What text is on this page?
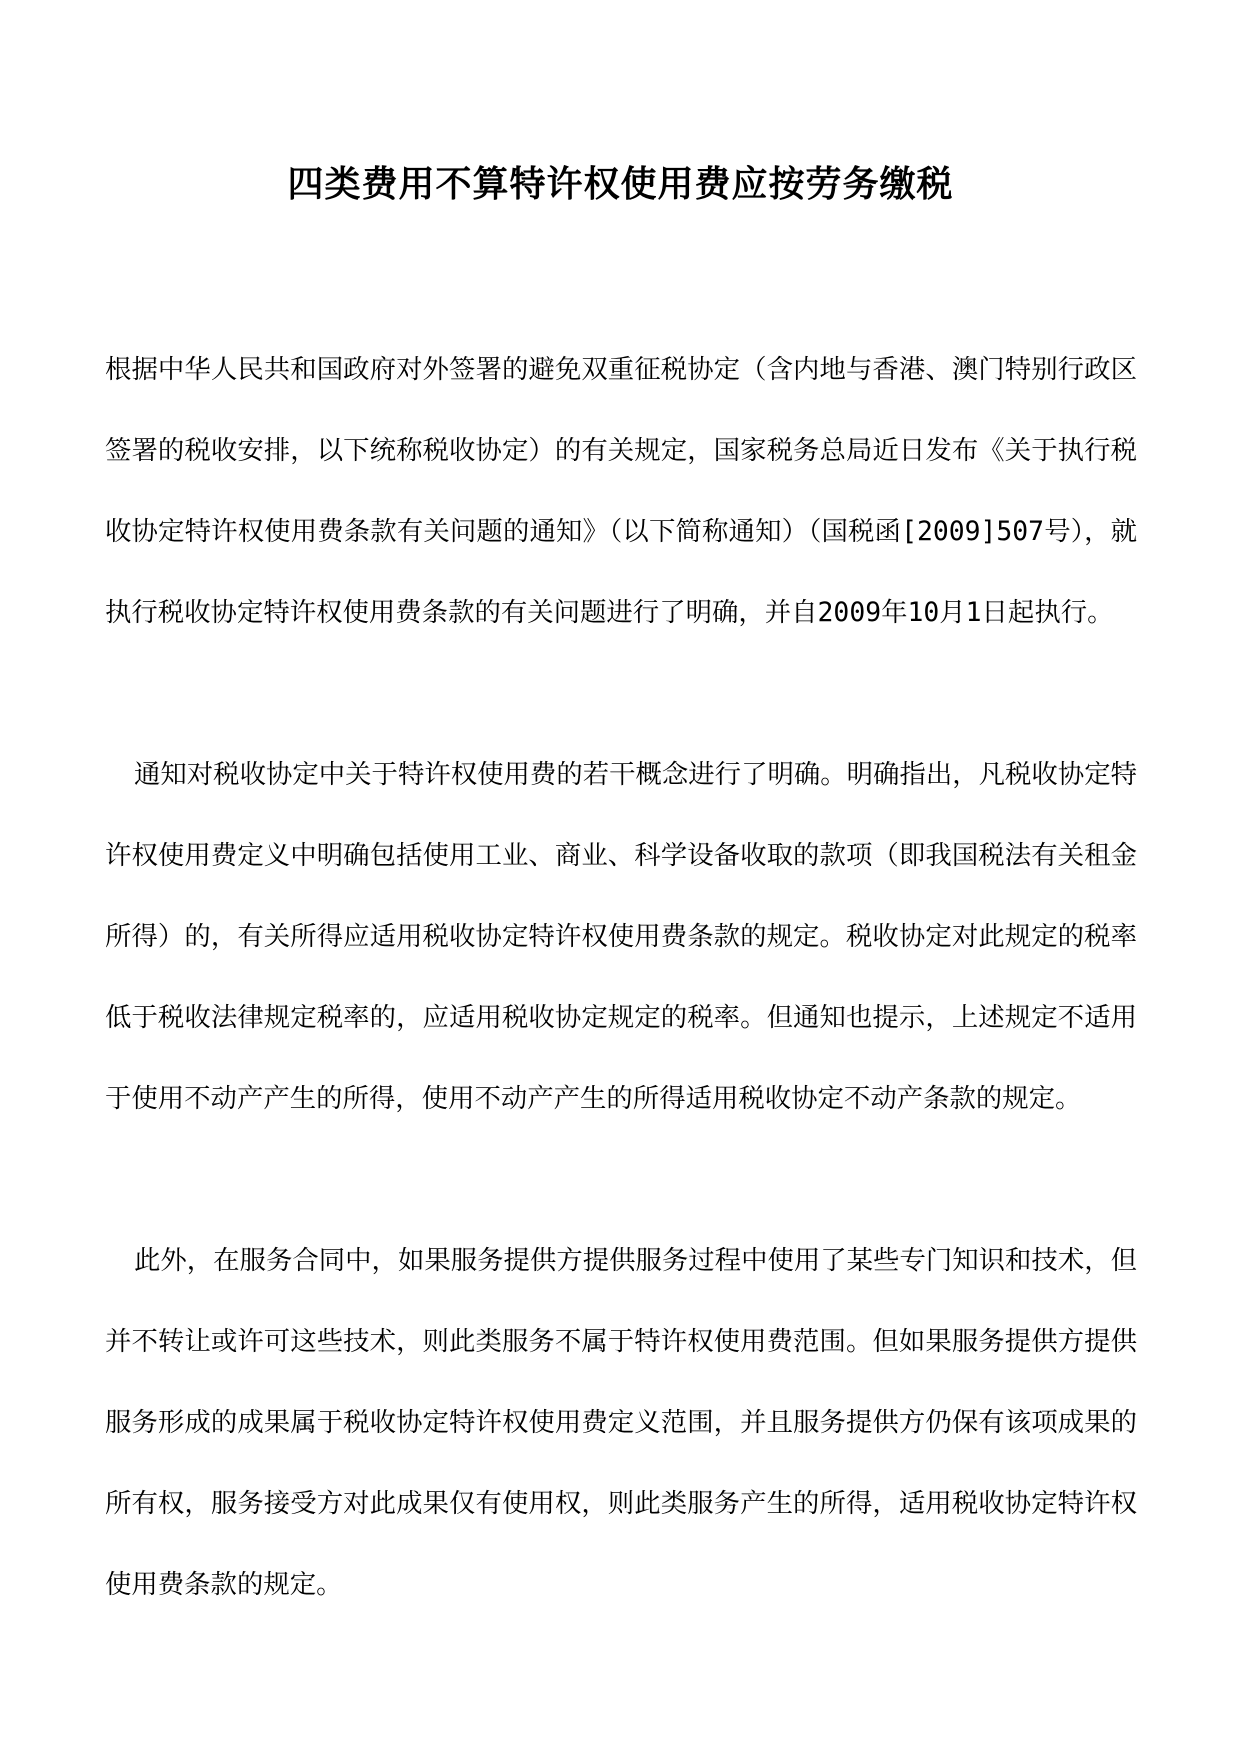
四类费用不算特许权使用费应按劳务缴税

根据中华人民共和国政府对外签署的避免双重征税协定（含内地与香港、澳门特别行政区签署的税收安排，以下统称税收协定）的有关规定，国家税务总局近日发布《关于执行税收协定特许权使用费条款有关问题的通知》（以下简称通知）（国税函[2009]507号），就执行税收协定特许权使用费条款的有关问题进行了明确，并自2009年10月1日起执行。

通知对税收协定中关于特许权使用费的若干概念进行了明确。明确指出，凡税收协定特许权使用费定义中明确包括使用工业、商业、科学设备收取的款项（即我国税法有关租金所得）的，有关所得应适用税收协定特许权使用费条款的规定。税收协定对此规定的税率低于税收法律规定税率的，应适用税收协定规定的税率。但通知也提示，上述规定不适用于使用不动产产生的所得，使用不动产产生的所得适用税收协定不动产条款的规定。

此外，在服务合同中，如果服务提供方提供服务过程中使用了某些专门知识和技术，但并不转让或许可这些技术，则此类服务不属于特许权使用费范围。但如果服务提供方提供服务形成的成果属于税收协定特许权使用费定义范围，并且服务提供方仍保有该项成果的所有权，服务接受方对此成果仅有使用权，则此类服务产生的所得，适用税收协定特许权使用费条款的规定。
